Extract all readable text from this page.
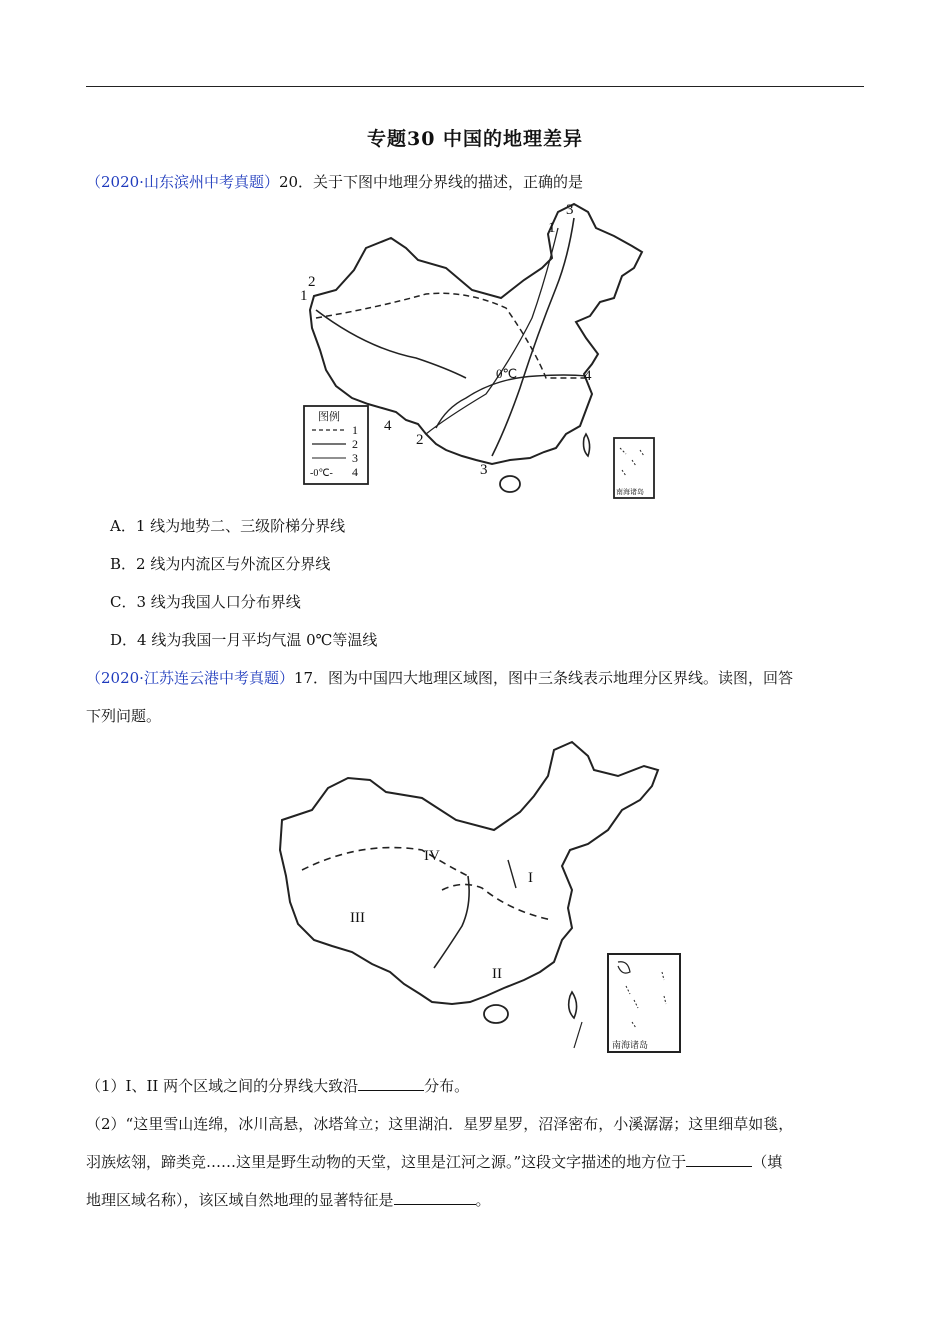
专题30 中国的地理差异
（2020·山东滨州中考真题）20．关于下图中地理分界线的描述，正确的是
1
3
2
1
4
4
2
3
0℃
图例
1
2
3
-0℃- 4
南海诸岛
A．1 线为地势二、三级阶梯分界线
B．2 线为内流区与外流区分界线
C．3 线为我国人口分布界线
D．4 线为我国一月平均气温 0℃等温线
（2020·江苏连云港中考真题）17．图为中国四大地理区域图，图中三条线表示地理分区界线。读图，回答
下列问题。
IV
I
III
II
南海诸岛
（1）I、II 两个区域之间的分界线大致沿	分布。
（2）“这里雪山连绵，冰川高悬，冰塔耸立；这里湖泊．星罗星罗，沼泽密布，小溪潺潺；这里细草如毯，
羽族炫翎，蹄类竞……这里是野生动物的天堂，这里是江河之源。”这段文字描述的地方位于	（填
地理区域名称），该区域自然地理的显著特征是	。
